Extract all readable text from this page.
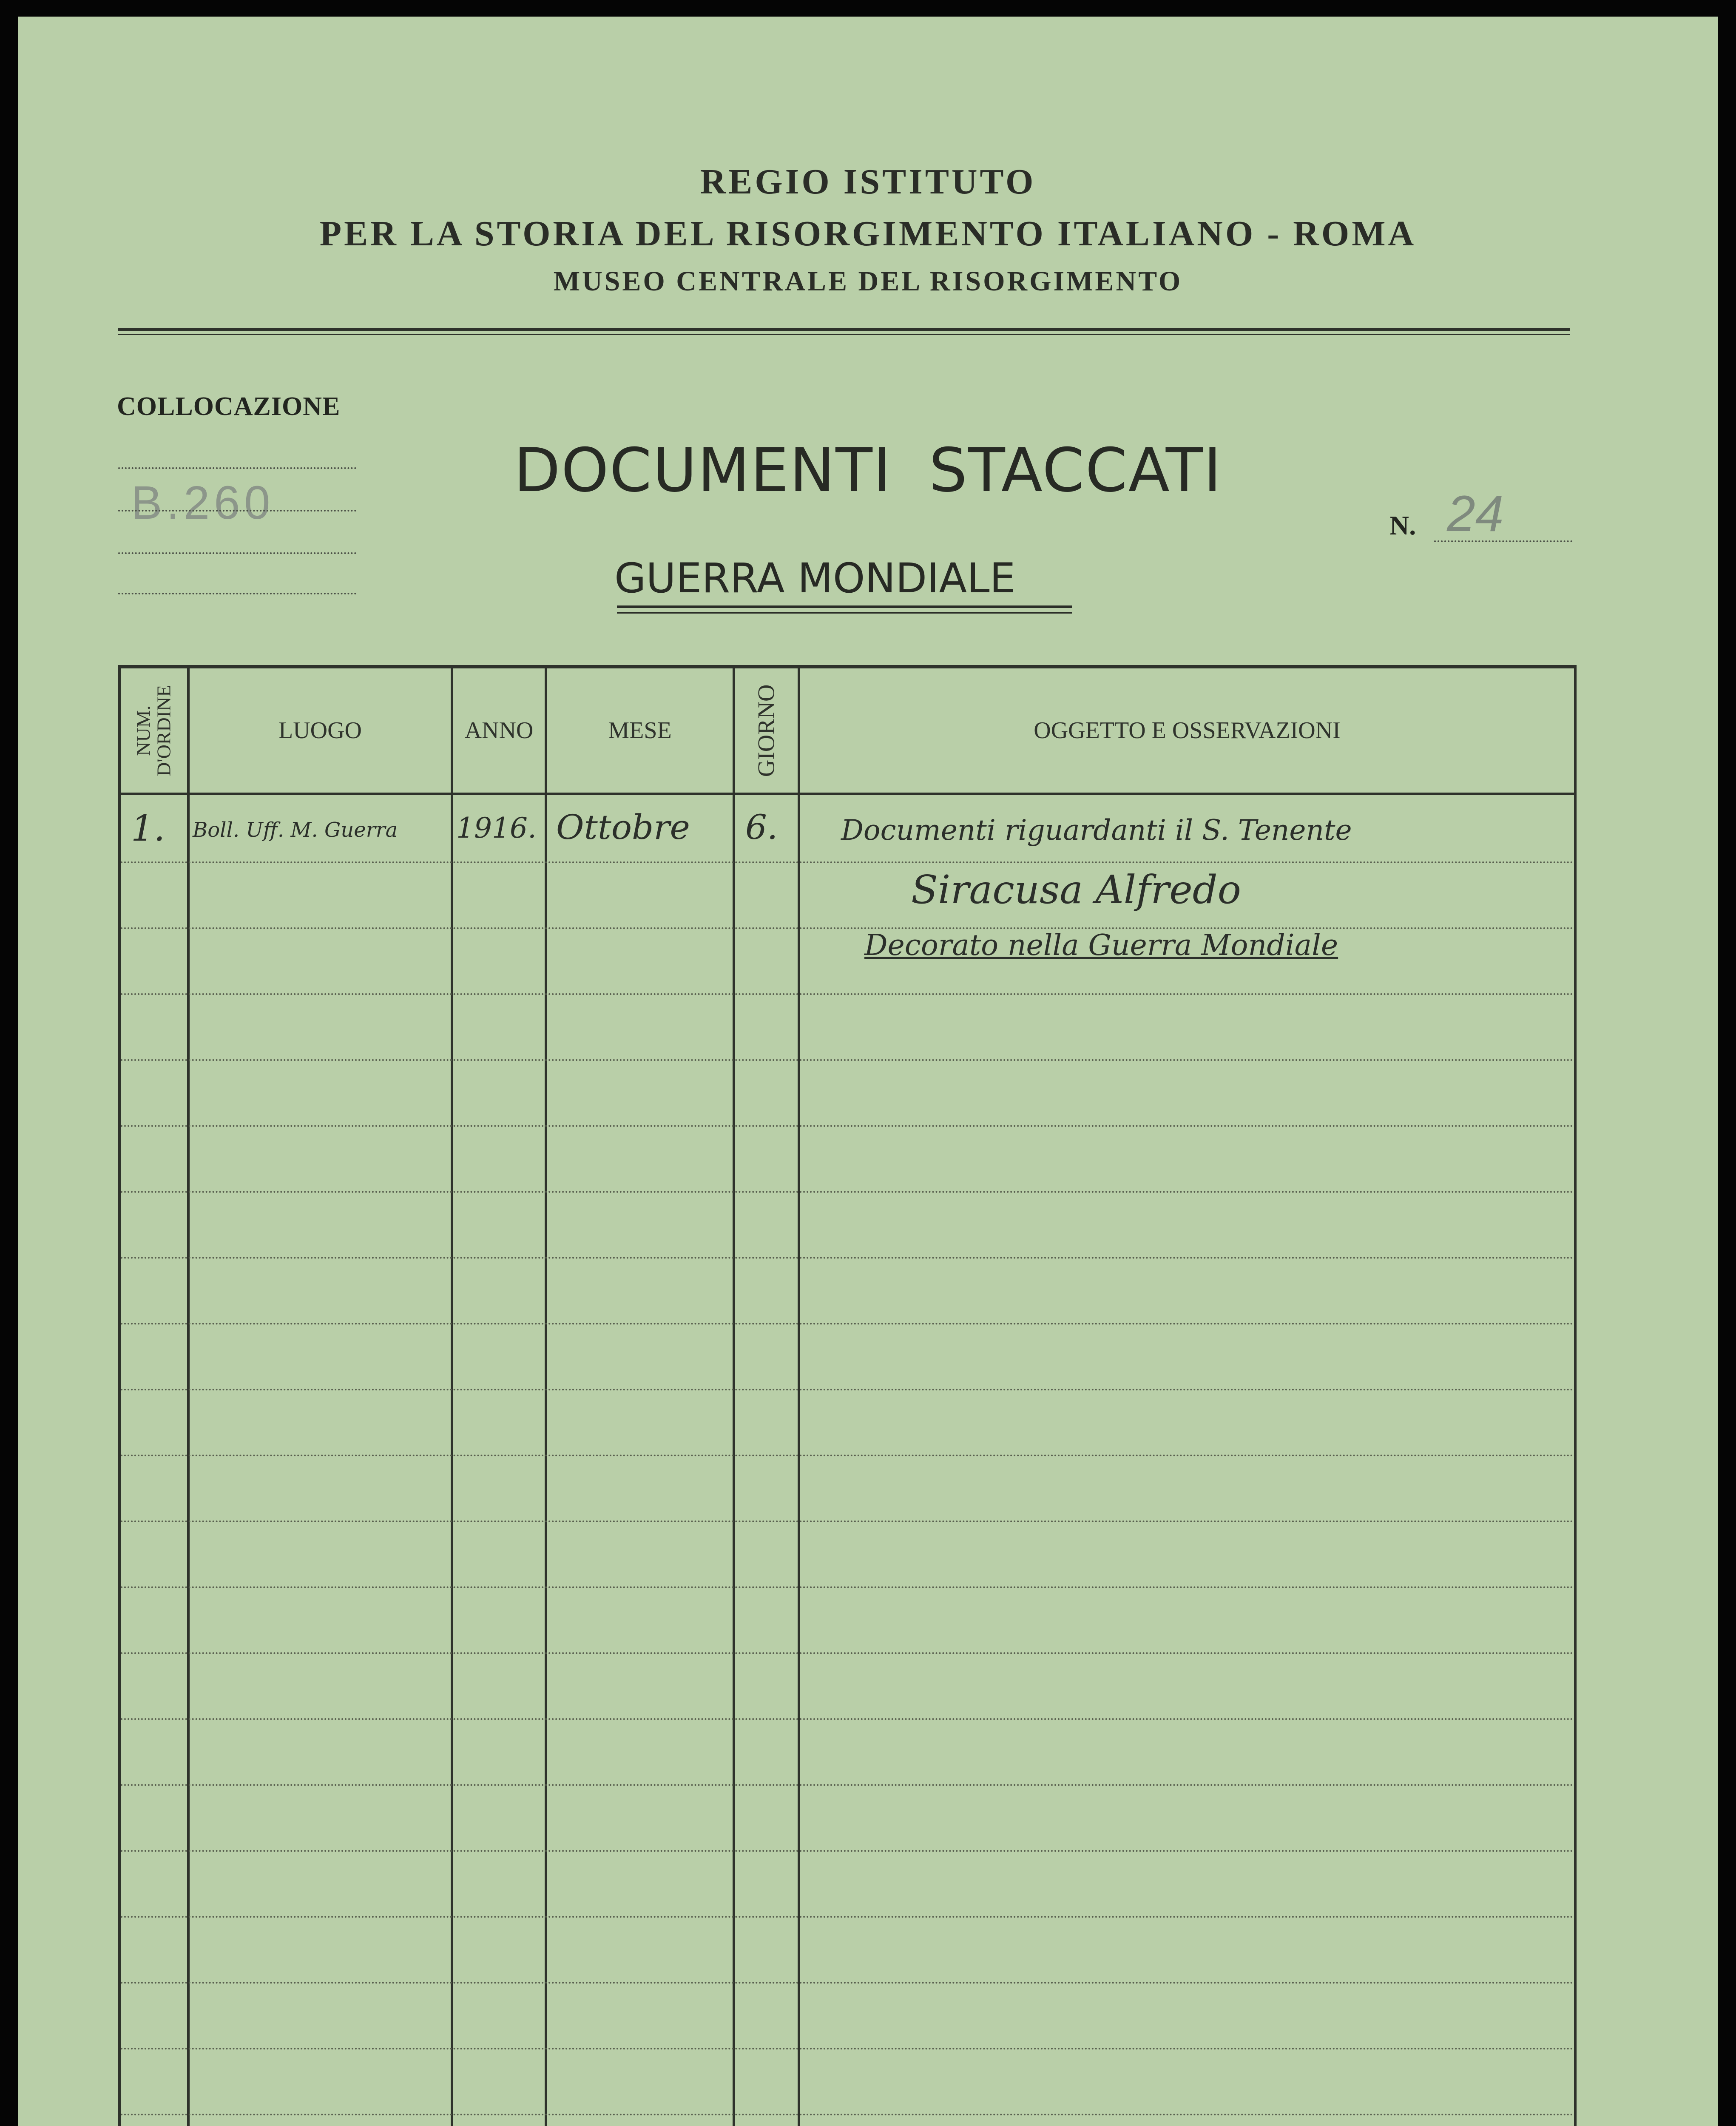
REGIO ISTITUTO
PER LA STORIA DEL RISORGIMENTO ITALIANO - ROMA
MUSEO CENTRALE DEL RISORGIMENTO
COLLOCAZIONE
B.260	DOCUMENTI STACCATI
GUERRA MONDIALE
N. 24
NUM. D'ORDINE	LUOGO	ANNO	MESE	GIORNO	OGGETTO E OSSERVAZIONI
1. Boll. Uff. M. Guerra 1916. Ottobre 6. Documenti riguardanti il S. Tenente
Siracusa Alfredo
Decorato nella Guerra Mondiale
